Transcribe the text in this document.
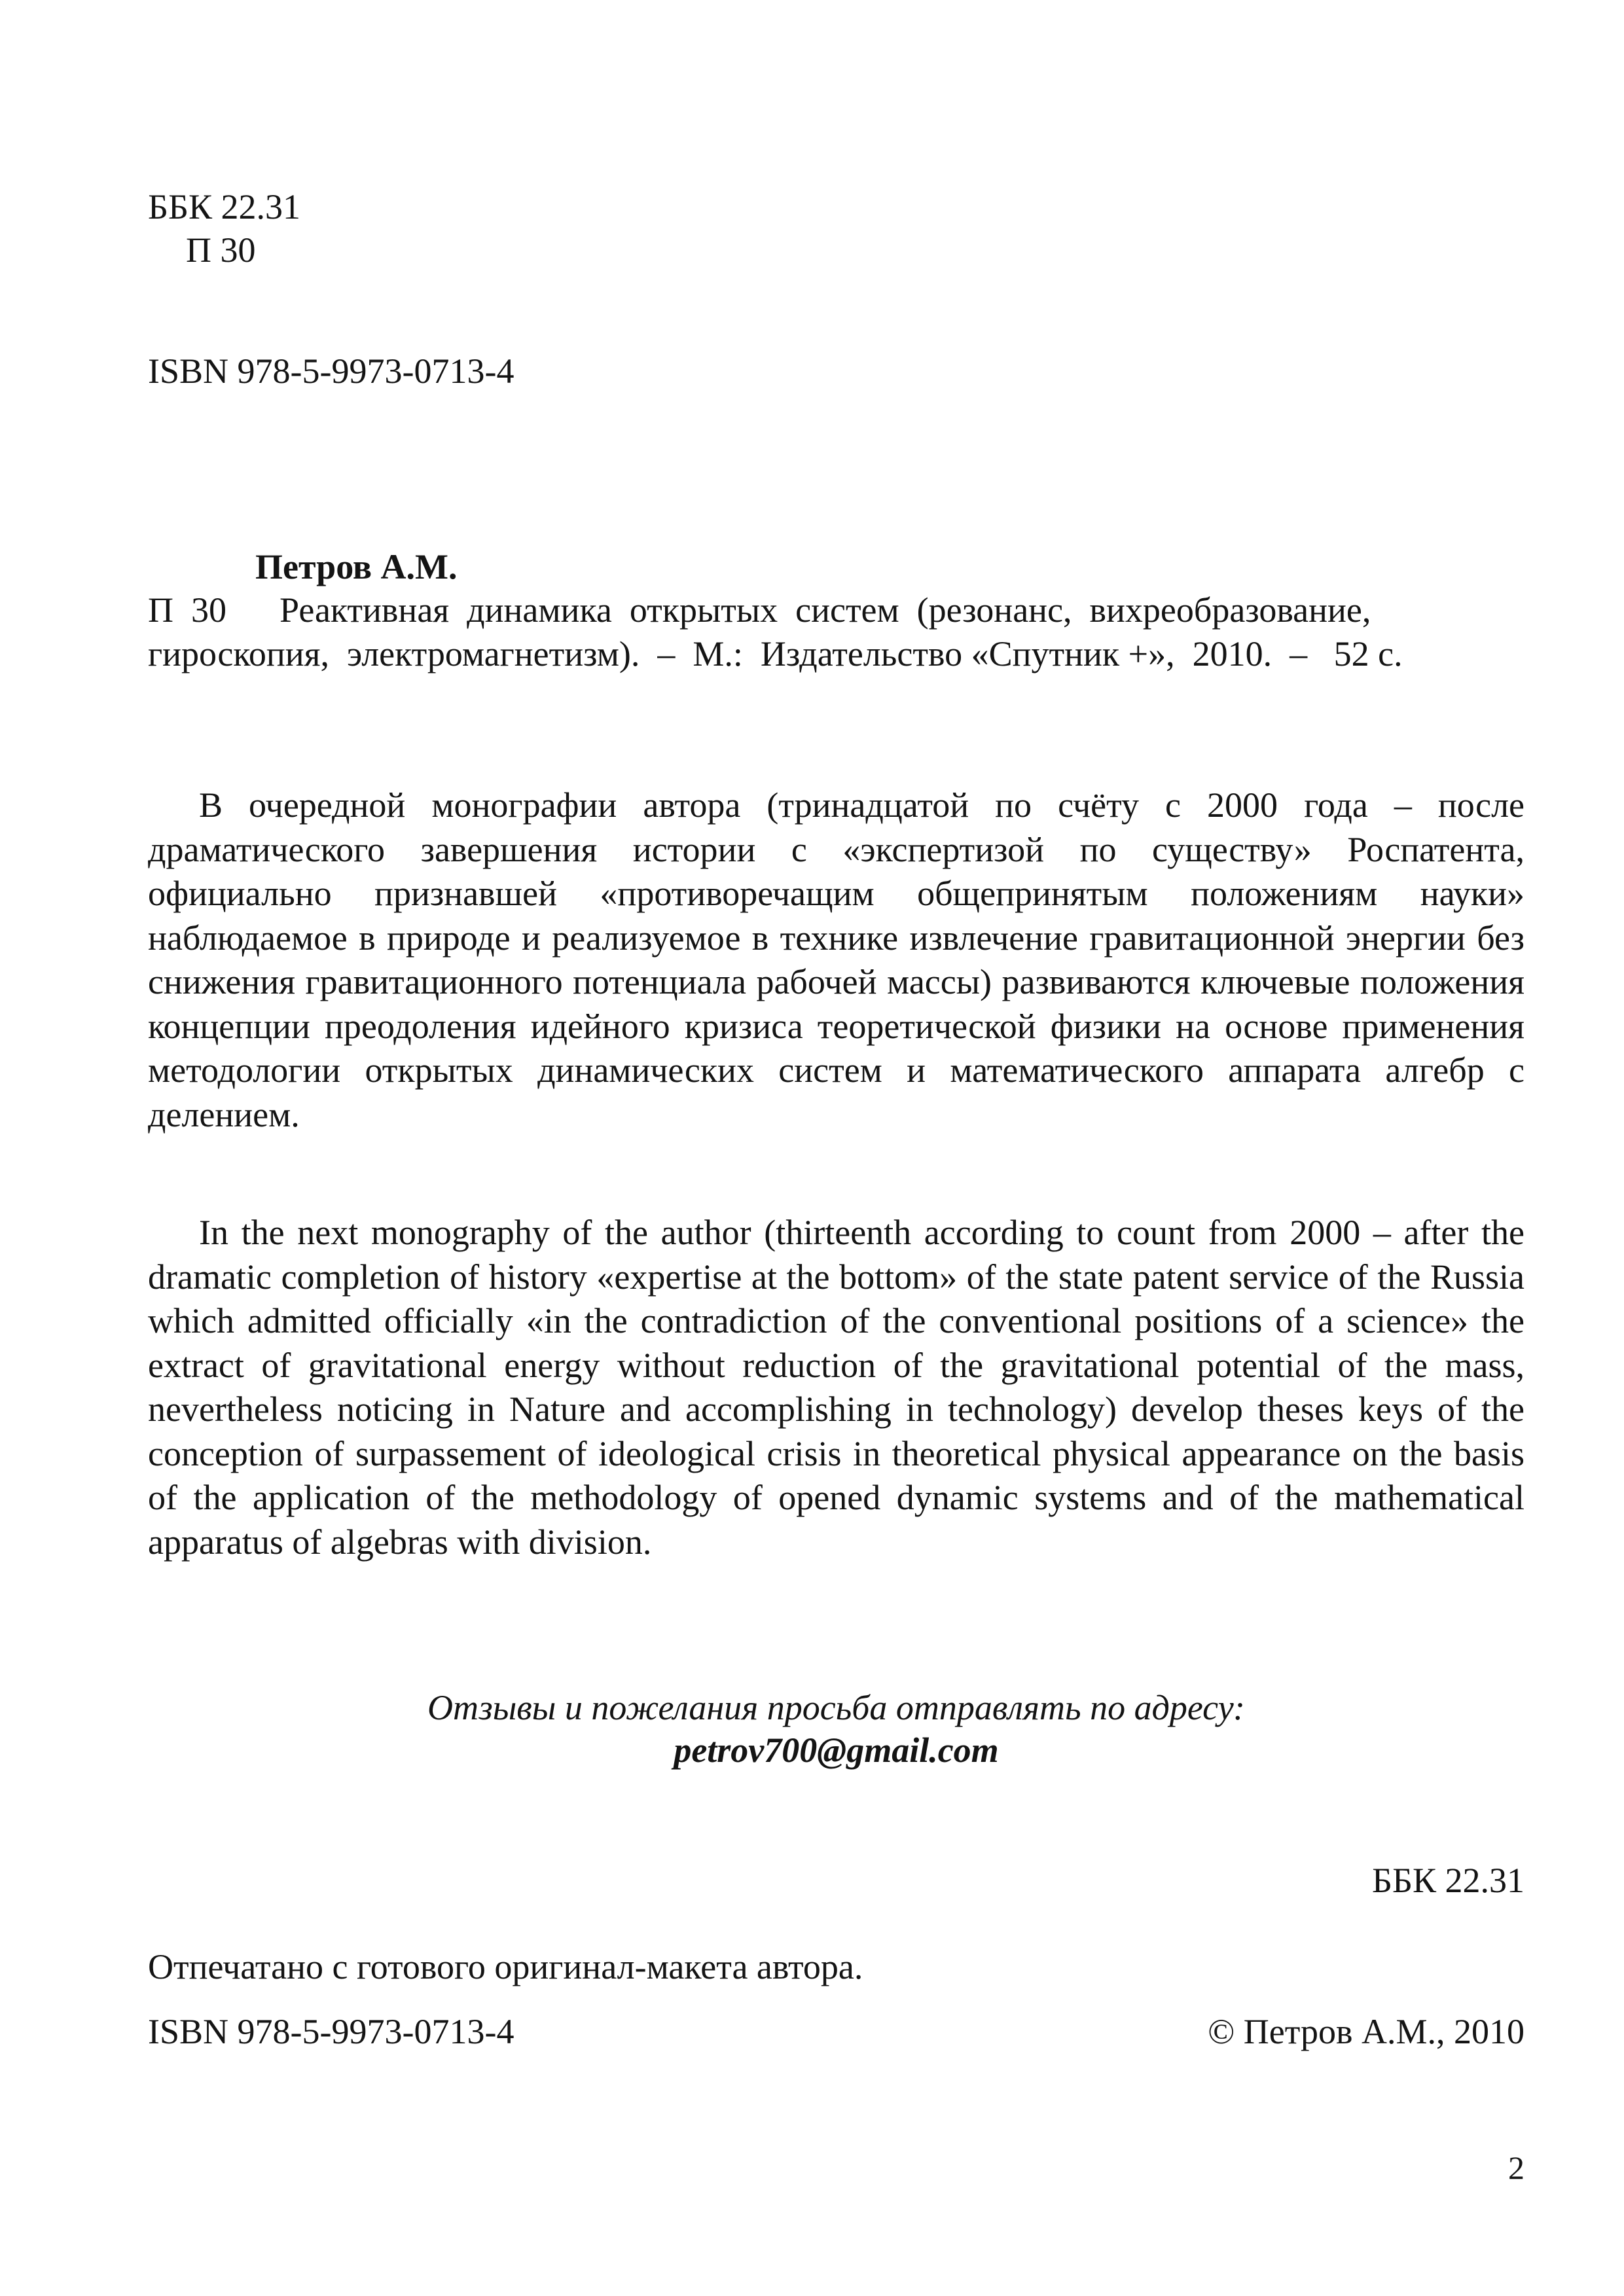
ББК 22.31
П 30
ISBN 978-5-9973-0713-4
Петров А.М.
П  30      Реактивная  динамика  открытых  систем  (резонанс,  вихреобразование,
гироскопия,  электромагнетизм).  –  М.:  Издательство «Спутник +»,  2010.  –   52 с.

В очередной монографии автора (тринадцатой по счёту с 2000 года – после драматического завершения истории с «экспертизой по существу» Роспатента, официально признавшей «противоречащим общепринятым положениям науки» наблюдаемое в природе и реализуемое в технике извлечение гравитационной энергии без снижения гравитационного потенциала рабочей массы) развиваются ключевые положения концепции преодоления идейного кризиса теоретической физики на основе применения методологии открытых динамических систем и математического аппарата алгебр с делением.

In the next monography of the author (thirteenth according to count from 2000 – after the dramatic completion of history «expertise at the bottom» of the state patent service of the Russia which admitted officially «in the contradiction of the conventional positions of a science» the extract of gravitational energy without reduction of the gravitational potential of the mass, nevertheless noticing in Nature and accomplishing in technology) develop theses keys of the conception of surpassement of ideological crisis in theoretical physical appearance on the basis of the application of the methodology of opened dynamic systems and of the mathematical apparatus of algebras with division.

Отзывы и пожелания просьба отправлять по адресу:
petrov700@gmail.com
ББК 22.31
Отпечатано с готового оригинал-макета автора.
ISBN 978-5-9973-0713-4	© Петров А.М., 2010
2
